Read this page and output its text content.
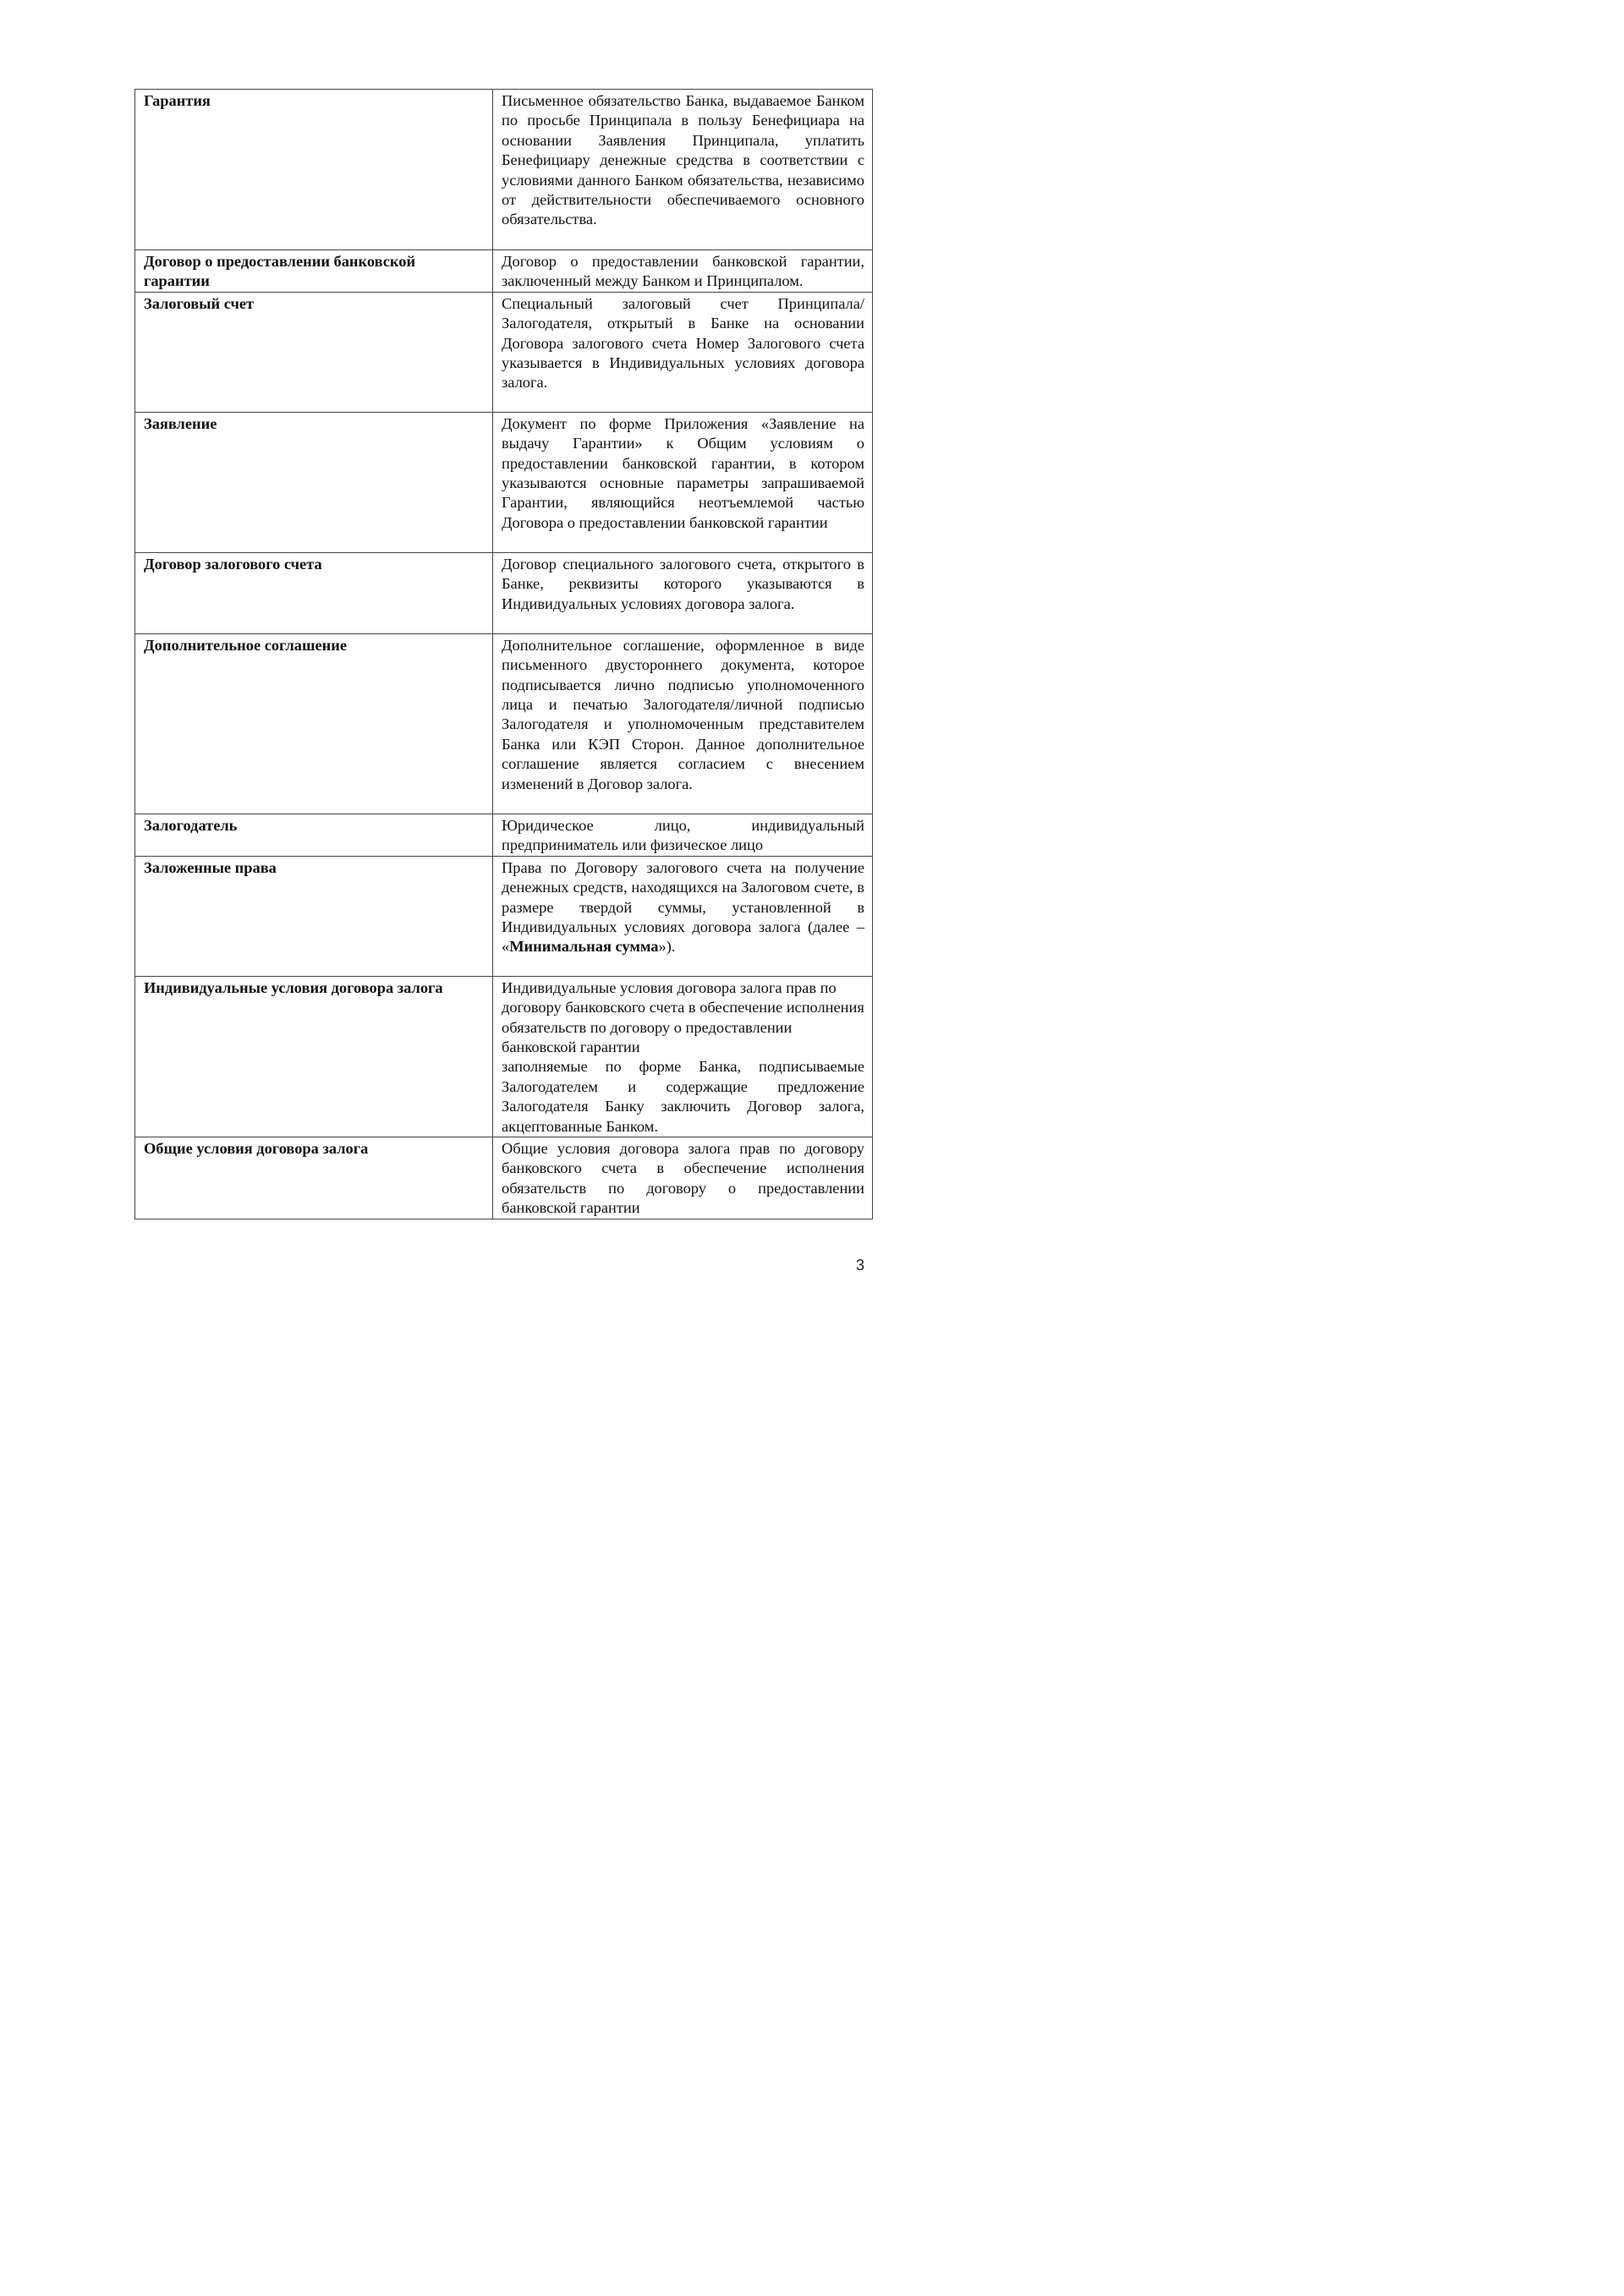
Гарантия	Письменное обязательство Банка, выдаваемое Банком по просьбе Принципала в пользу Бенефициара на основании Заявления Принципала, уплатить Бенефициару денежные средства в соответствии с условиями данного Банком обязательства, независимо от действительности обеспечиваемого основного обязательства.
Договор о предоставлении банковской гарантии	Договор о предоставлении банковской гарантии, заключенный между Банком и Принципалом.
Залоговый счет	Специальный залоговый счет Принципала/Залогодателя, открытый в Банке на основании Договора залогового счета Номер Залогового счета указывается в Индивидуальных условиях договора залога.
Заявление	Документ по форме Приложения «Заявление на выдачу Гарантии» к Общим условиям о предоставлении банковской гарантии, в котором указываются основные параметры запрашиваемой Гарантии, являющийся неотъемлемой частью Договора о предоставлении банковской гарантии
Договор залогового счета	Договор специального залогового счета, открытого в Банке, реквизиты которого указываются в Индивидуальных условиях договора залога.
Дополнительное соглашение	Дополнительное соглашение, оформленное в виде письменного двустороннего документа, которое подписывается лично подписью уполномоченного лица и печатью Залогодателя/личной подписью Залогодателя и уполномоченным представителем Банка или КЭП Сторон. Данное дополнительное соглашение является согласием с внесением изменений в Договор залога.
Залогодатель	Юридическое лицо, индивидуальный предприниматель или физическое лицо
Заложенные права	Права по Договору залогового счета на получение денежных средств, находящихся на Залоговом счете, в размере твердой суммы, установленной в Индивидуальных условиях договора залога (далее – «Минимальная сумма»).
Индивидуальные условия договора залога	Индивидуальные условия договора залога прав по договору банковского счета в обеспечение исполнения обязательств по договору о предоставлении банковской гарантии
заполняемые по форме Банка, подписываемые Залогодателем и содержащие предложение Залогодателя Банку заключить Договор залога, акцептованные Банком.

Общие условия договора залога	Общие условия договора залога прав по договору банковского счета в обеспечение исполнения обязательств по договору о предоставлении банковской гарантии
3
